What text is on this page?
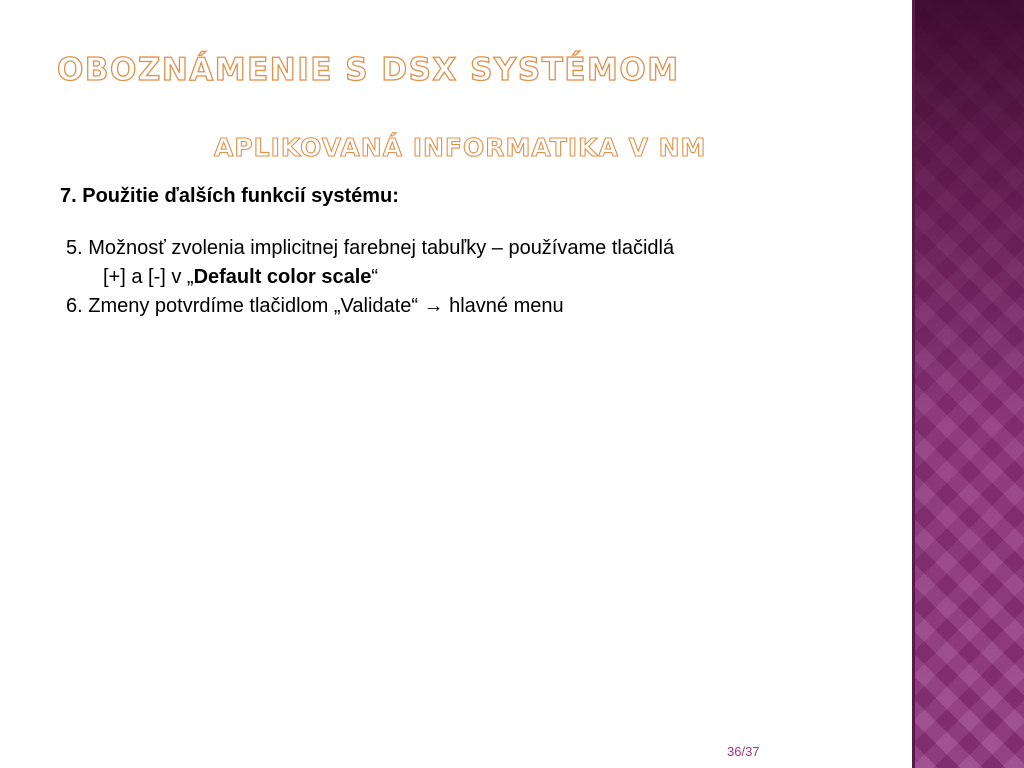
OBOZNÁMENIE S DSX SYSTÉMOM
APLIKOVANÁ INFORMATIKA V NM
7. Použitie ďalších funkcií systému:
5. Možnosť zvolenia implicitnej farebnej tabuľky – používame tlačidlá
[+] a [-] v „Default color scale“
6. Zmeny potvrdíme tlačidlom „Validate“ → hlavné menu
36/37
